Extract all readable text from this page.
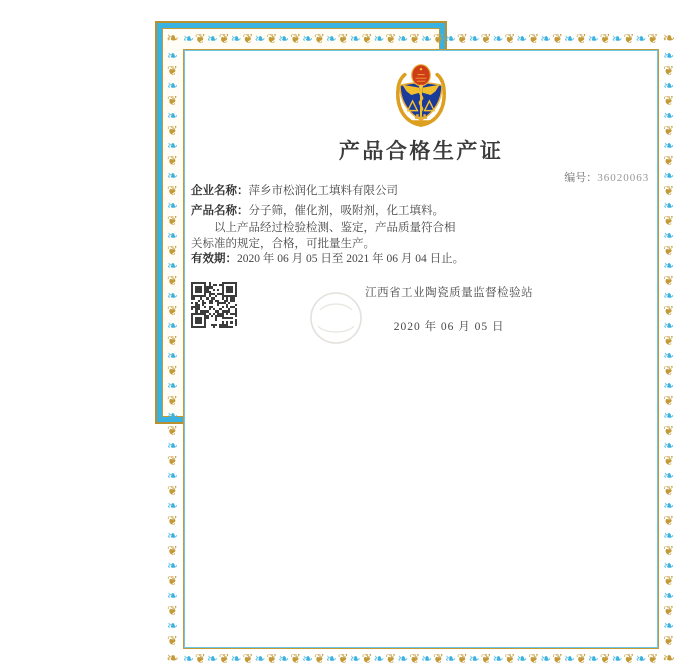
❧ ❧ ❦ ❧ ❦ ❧ ❦ ❧ ❦ ❧ ❦ ❧ ❦ ❧ ❦ ❧ ❦ ❧ ❦ ❧ ❦ ❧ ❦ ❧ ❦ ❧ ❦ ❧ ❦ ❧ ❦ ❧ ❦ ❧ ❦ ❧ ❦ ❧ ❦ ❧ ❦ ❧
❧
❦
❧
❦
❧
❦
❧
❦
❧
❦
❧
❦
❧
❦
❧
❦
❧
❦
❧
❦
❧
❦
❧
❦
❧
❦
❧
❦
❧
❦
❧
❦
❧
❦
❧
❦
❧
❦
❧
❦
产品合格生产证
编号：36020063
企业名称：萍乡市松润化工填料有限公司
产品名称：分子筛，催化剂，吸附剂，化工填料。
以上产品经过检验检测、鉴定，产品质量符合相
关标准的规定，合格，可批量生产。
有效期：2020 年 06 月 05 日至 2021 年 06 月 04 日止。
江西省工业陶瓷质量监督检验站
2020 年 06 月 05 日
❧
❦
❧
❦
❧
❦
❧
❦
❧
❦
❧
❦
❧
❦
❧
❦
❧
❦
❧
❦
❧
❦
❧
❦
❧
❦
❧
❦
❧
❦
❧
❦
❧
❦
❧
❦
❧
❦
❧
❦
❧ ❧ ❦ ❧ ❦ ❧ ❦ ❧ ❦ ❧ ❦ ❧ ❦ ❧ ❦ ❧ ❦ ❧ ❦ ❧ ❦ ❧ ❦ ❧ ❦ ❧ ❦ ❧ ❦ ❧ ❦ ❧ ❦ ❧ ❦ ❧ ❦ ❧ ❦ ❧ ❦ ❧
